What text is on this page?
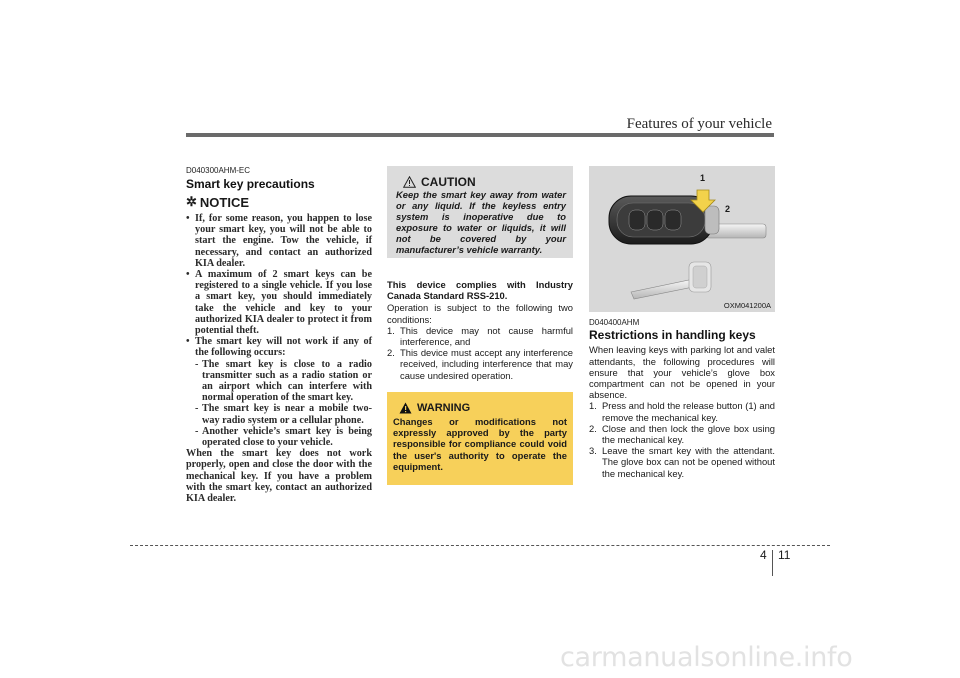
Features of your vehicle
D040300AHM-EC
Smart key precautions
✲ NOTICE
• If, for some reason, you happen to lose your smart key, you will not be able to start the engine. Tow the vehicle, if necessary, and contact an authorized KIA dealer.
• A maximum of 2 smart keys can be registered to a single vehicle. If you lose a smart key, you should immediately take the vehicle and key to your authorized KIA dealer to protect it from potential theft.
• The smart key will not work if any of the following occurs:
- The smart key is close to a radio transmitter such as a radio station or an airport which can interfere with normal operation of the smart key.
- The smart key is near a mobile two-way radio system or a cellular phone.
- Another vehicle’s smart key is being operated close to your vehicle.

When the smart key does not work properly, open and close the door with the mechanical key. If you have a problem with the smart key, contact an authorized KIA dealer.

CAUTION
Keep the smart key away from water or any liquid. If the keyless entry system is inoperative due to exposure to water or liquids, it will not be covered by your manufacturer’s vehicle warranty.

This device complies with Industry Canada Standard RSS-210.

Operation is subject to the following two conditions:

1. This device may not cause harmful interference, and
2. This device must accept any interference received, including interference that may cause undesired operation.
WARNING
Changes or modifications not expressly approved by the party responsible for compliance could void the user's authority to operate the equipment.
1
2
OXM041200A
D040400AHM
Restrictions in handling keys

When leaving keys with parking lot and valet attendants, the following procedures will ensure that your vehicle’s glove box compartment can not be opened in your absence.

1. Press and hold the release button (1) and remove the mechanical key.
2. Close and then lock the glove box using the mechanical key.
3. Leave the smart key with the attendant. The glove box can not be opened without the mechanical key.
4 11
carmanualsonline.info
